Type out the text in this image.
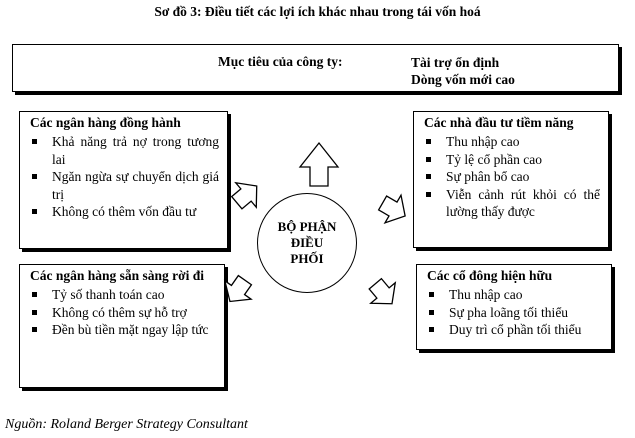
Sơ đồ 3: Điều tiết các lợi ích khác nhau trong tái vốn hoá
Mục tiêu của công ty:	Tài trợ ổn định
Dòng vốn mới cao
Các ngân hàng đồng hành
Khả năng trả nợ trong tương lai
Ngăn ngừa sự chuyển dịch giá trị
Không có thêm vốn đầu tư
Các nhà đầu tư tiềm năng
Thu nhập cao
Tỷ lệ cổ phần cao
Sự phân bổ cao
Viễn cảnh rút khỏi có thể lường thấy được
Các ngân hàng sẵn sàng rời đi
Tỷ số thanh toán cao
Không có thêm sự hỗ trợ
Đền bù tiền mặt ngay lập tức
Các cổ đông hiện hữu
Thu nhập cao
Sự pha loãng tối thiểu
Duy trì cổ phần tối thiểu
BỘ PHẬN ĐIỀU PHỐI
Nguồn: Roland Berger Strategy Consultant
